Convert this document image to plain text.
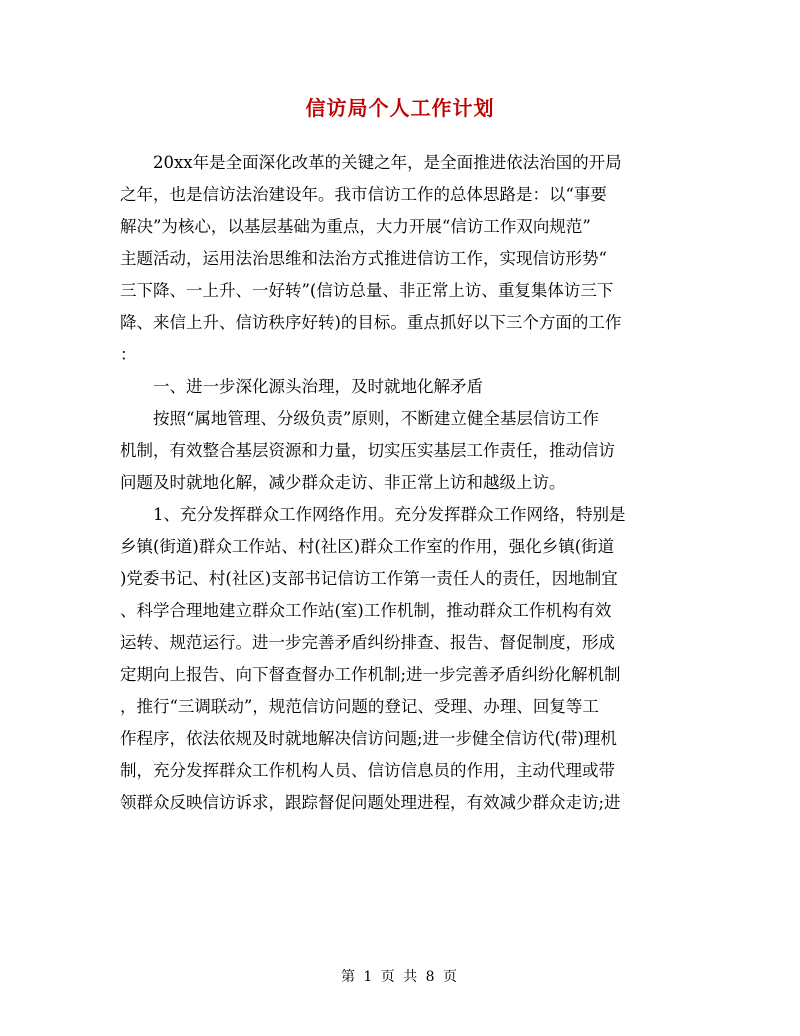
信访局个人工作计划
　　20xx年是全面深化改革的关键之年，是全面推进依法治国的开局
之年，也是信访法治建设年。我市信访工作的总体思路是：以“事要
解决”为核心，以基层基础为重点，大力开展“信访工作双向规范”
主题活动，运用法治思维和法治方式推进信访工作，实现信访形势“
三下降、一上升、一好转”(信访总量、非正常上访、重复集体访三下
降、来信上升、信访秩序好转)的目标。重点抓好以下三个方面的工作
：
　　一、进一步深化源头治理，及时就地化解矛盾
　　按照“属地管理、分级负责”原则，不断建立健全基层信访工作
机制，有效整合基层资源和力量，切实压实基层工作责任，推动信访
问题及时就地化解，减少群众走访、非正常上访和越级上访。
　　1、充分发挥群众工作网络作用。充分发挥群众工作网络，特别是
乡镇(街道)群众工作站、村(社区)群众工作室的作用，强化乡镇(街道
)党委书记、村(社区)支部书记信访工作第一责任人的责任，因地制宜
、科学合理地建立群众工作站(室)工作机制，推动群众工作机构有效
运转、规范运行。进一步完善矛盾纠纷排查、报告、督促制度，形成
定期向上报告、向下督查督办工作机制;进一步完善矛盾纠纷化解机制
，推行“三调联动”，规范信访问题的登记、受理、办理、回复等工
作程序，依法依规及时就地解决信访问题;进一步健全信访代(带)理机
制，充分发挥群众工作机构人员、信访信息员的作用，主动代理或带
领群众反映信访诉求，跟踪督促问题处理进程，有效减少群众走访;进
第 1 页 共 8 页
